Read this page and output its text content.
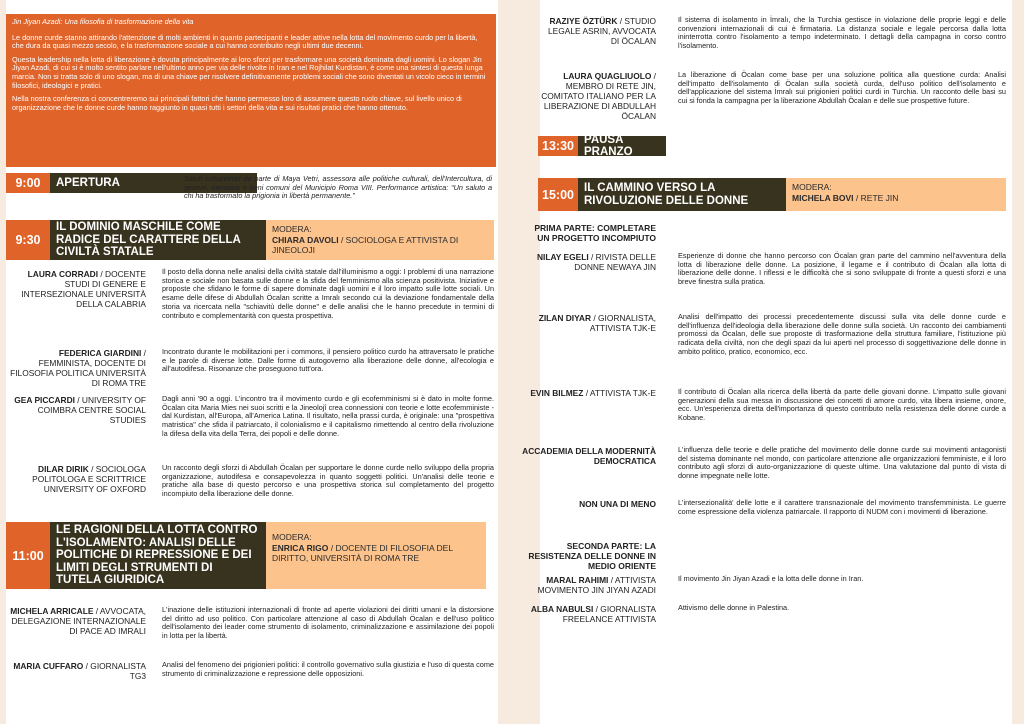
Jin Jiyan Azadi: Una filosofia di trasformazione della vita

Le donne curde stanno attirando l'attenzione di molti ambienti in quanto partecipanti e leader attive nella lotta del movimento curdo per la libertà, che dura da quasi mezzo secolo, e la trasformazione sociale a cui hanno contribuito negli ultimi due decenni.

Questa leadership nella lotta di liberazione è dovuta principalmente ai loro sforzi per trasformare una società dominata dagli uomini. Lo slogan Jin Jiyan Azadi, di cui si è molto sentito parlare nell'ultimo anno per via delle rivolte in Iran e nel Rojhilat Kurdistan, è come una sintesi di questa lunga marcia. Non si tratta solo di uno slogan, ma di una chiave per risolvere definitivamente problemi sociali che sono diventati un vicolo cieco in termini filosofici, ideologici e pratici.

Nella nostra conferenza ci concentreremo sui principali fattori che hanno permesso loro di assumere questo ruolo chiave, sul livello unico di organizzazione che le donne curde hanno raggiunto in quasi tutti i settori della vita e sui risultati pratici che hanno ottenuto.

9:00	APERTURA	Saluti istituzionali da parte di Maya Vetri, assessora alle politiche culturali, dell'Intercultura, di genere, memoria e beni comuni del Municipio Roma VIII. Performance artistica: “Un saluto a chi ha trasformato la prigionia in libertà permanente.”
9:30
IL DOMINIO MASCHILE COME RADICE DEL CARATTERE DELLA CIVILTÀ STATALE
MODERA:
CHIARA DAVOLI / SOCIOLOGA E ATTIVISTA DI JINEOLOJI
LAURA CORRADI / DOCENTE STUDI DI GENERE E INTERSEZIONALE UNIVERSITÀ DELLA CALABRIA
Il posto della donna nelle analisi della civiltà statale dall'illuminismo a oggi: I problemi di una narrazione storica e sociale non basata sulle donne e la sfida del femminismo alla scienza positivista. Iniziative e proposte che sfidano le forme di sapere dominate dagli uomini e il loro impatto sulle lotte sociali. Un esame delle difese di Abdullah Öcalan scritte a Imralı secondo cui la deviazione fondamentale della storia va ricercata nella "schiavitù delle donne" e delle analisi che le hanno precedute in termini di contributo e complementarità con questa prospettiva.
FEDERICA GIARDINI / FEMMINISTA, DOCENTE DI FILOSOFIA POLITICA UNIVERSITÀ DI ROMA TRE
Incontrato durante le mobilitazioni per i commons, il pensiero politico curdo ha attraversato le pratiche e le parole di diverse lotte. Dalle forme di autogoverno alla liberazione delle donne, all'ecologia e all'autodifesa. Risonanze che proseguono tutt'ora.
GEA PICCARDI / UNIVERSITY OF COIMBRA CENTRE SOCIAL STUDIES
Dagli anni '90 a oggi. L'incontro tra il movimento curdo e gli ecofemminismi si è dato in molte forme. Öcalan cita Maria Mies nei suoi scritti e la Jineolojî crea connessioni con teorie e lotte ecofemministe - dal Kurdistan, all'Europa, all'America Latina. Il risultato, nella prassi curda, è originale: una "prospettiva matristica" che sfida il patriarcato, il colonialismo e il capitalismo rimettendo al centro della rivoluzione la difesa della vita della Terra, dei popoli e delle donne.
DILAR DIRIK / SOCIOLOGA POLITOLOGA E SCRITTRICE UNIVERSITY OF OXFORD
Un racconto degli sforzi di Abdullah Öcalan per supportare le donne curde nello sviluppo della propria organizzazione, autodifesa e consapevolezza in quanto soggetti politici. Un'analisi delle teorie e pratiche alla base di questo percorso e una prospettiva storica sul completamento del progetto incompiuto della liberazione delle donne.
11:00
LE RAGIONI DELLA LOTTA CONTRO L'ISOLAMENTO: ANALISI DELLE POLITICHE DI REPRESSIONE E DEI LIMITI DEGLI STRUMENTI DI TUTELA GIURIDICA
MODERA:
ENRICA RIGO / DOCENTE DI FILOSOFIA DEL DIRITTO, UNIVERSITÀ DI ROMA TRE
MICHELA ARRICALE / AVVOCATA, DELEGAZIONE INTERNAZIONALE DI PACE AD IMRALI
L'inazione delle istituzioni internazionali di fronte ad aperte violazioni dei diritti umani e la distorsione del diritto ad uso politico. Con particolare attenzione al caso di Abdullah Öcalan e dell'uso politico dell'isolamento dei leader come strumento di isolamento, criminalizzazione e assimilazione dei popoli in lotta per la libertà.
MARIA CUFFARO / GIORNALISTA TG3
Analisi del fenomeno dei prigionieri politici: il controllo governativo sulla giustizia e l'uso di questa come strumento di criminalizzazione e repressione delle opposizioni.
RAZIYE ÖZTÜRK / STUDIO LEGALE ASRIN, AVVOCATA DI ÖCALAN
Il sistema di isolamento in İmralı, che la Turchia gestisce in violazione delle proprie leggi e delle convenzioni internazionali di cui è firmataria. La distanza sociale e legale percorsa dalla lotta ininterrotta contro l'isolamento a tempo indeterminato. I dettagli della campagna in corso contro l'isolamento.
LAURA QUAGLIUOLO / MEMBRO DI RETE JIN, COMITATO ITALIANO PER LA LIBERAZIONE DI ABDULLAH ÖCALAN
La liberazione di Öcalan come base per una soluzione politica alla questione curda: Analisi dell'impatto dell'isolamento di Öcalan sulla società curda, dell'uso politico dell'isolamento e dell'applicazione del sistema İmralı sui prigionieri politici curdi in Turchia. Un racconto delle basi su cui si fonda la campagna per la liberazione Abdullah Öcalan e delle sue prospettive future.
13:30 PAUSA PRANZO
15:00 IL CAMMINO VERSO LA RIVOLUZIONE DELLE DONNE
MODERA:
MICHELA BOVI / RETE JIN
PRIMA PARTE: COMPLETARE UN PROGETTO INCOMPIUTO
NILAY EGELI / RIVISTA DELLE DONNE NEWAYA JIN
Esperienze di donne che hanno percorso con Öcalan gran parte del cammino nell'avventura della lotta di liberazione delle donne. La posizione, il legame e il contributo di Öcalan alla lotta di liberazione delle donne. I riflessi e le difficoltà che si sono sviluppate di fronte a questi sforzi e una breve finestra sulla pratica.
ZILAN DIYAR / GIORNALISTA, ATTIVISTA TJK-E
Analisi dell'impatto dei processi precedentemente discussi sulla vita delle donne curde e dell'influenza dell'ideologia della liberazione delle donne sulla società. Un racconto dei cambiamenti promossi da Öcalan, delle sue proposte di trasformazione della struttura familiare, l'istituzione più radicata della civiltà, non che degli spazi da lui aperti nel processo di soggettivazione delle donne in ambito politico, pratico, economico, ecc.
EVIN BILMEZ / ATTIVISTA TJK-E	Il contributo di Öcalan alla ricerca della libertà da parte delle giovani donne. L'impatto sulle giovani generazioni della sua messa in discussione dei concetti di amore curdo, vita libera insieme, onore, ecc. Un'esperienza diretta dell'importanza di questo contributo nella resistenza delle donne curde a Kobane.
ACCADEMIA DELLA MODERNITÀ DEMOCRATICA
L'influenza delle teorie e delle pratiche del movimento delle donne curde sui movimenti antagonisti del sistema dominante nel mondo, con particolare attenzione alle organizzazioni femministe, e il loro contributo agli sforzi di auto-organizzazione di queste ultime. Una valutazione dal punto di vista di donne impegnate nelle lotte.
NON UNA DI MENO	L'intersezionalità' delle lotte e il carattere transnazionale del movimento transfemminista. Le guerre come espressione della violenza patriarcale. Il rapporto di NUDM con i movimenti di liberazione.
SECONDA PARTE: LA RESISTENZA DELLE DONNE IN MEDIO ORIENTE
MARAL RAHIMI / ATTIVISTA MOVIMENTO JIN JIYAN AZADI
Il movimento Jin Jiyan Azadi e la lotta delle donne in Iran.
ALBA NABULSI / GIORNALISTA FREELANCE ATTIVISTA
Attivismo delle donne in Palestina.
